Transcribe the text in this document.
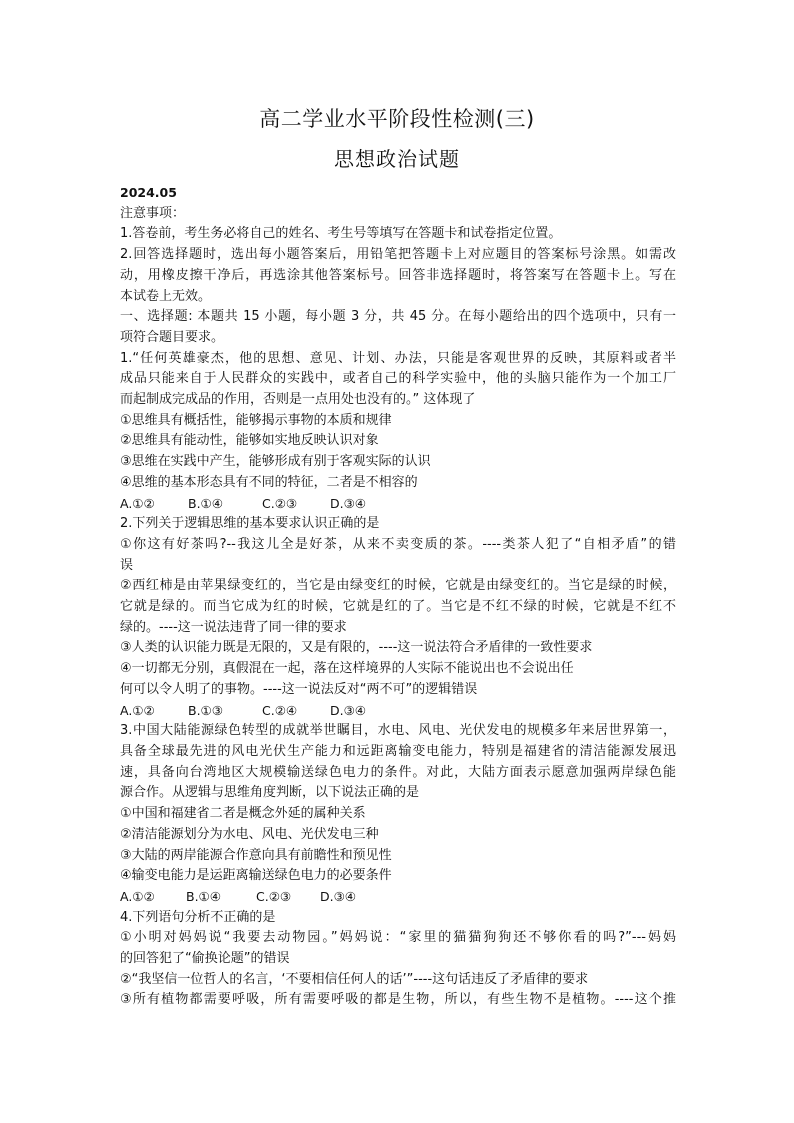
高二学业水平阶段性检测(三)
思想政治试题
2024.05
注意事项：
1.答卷前，考生务必将自己的姓名、考生号等填写在答题卡和试卷指定位置。
2.回答选择题时，选出每小题答案后，用铅笔把答题卡上对应题目的答案标号涂黑。如需改
动，用橡皮擦干净后，再选涂其他答案标号。回答非选择题时，将答案写在答题卡上。写在
本试卷上无效。
一、选择题: 本题共 15 小题，每小题 3 分，共 45 分。在每小题给出的四个选项中，只有一
项符合题目要求。
1.“任何英雄豪杰，他的思想、意见、计划、办法，只能是客观世界的反映，其原料或者半
成品只能来自于人民群众的实践中，或者自己的科学实验中，他的头脑只能作为一个加工厂
而起制成完成品的作用，否则是一点用处也没有的。” 这体现了
①思维具有概括性，能够揭示事物的本质和规律
②思维具有能动性，能够如实地反映认识对象
③思维在实践中产生，能够形成有别于客观实际的认识
④思维的基本形态具有不同的特征，二者是不相容的
A.①②	B.①④	C.②③	D.③④
2.下列关于逻辑思维的基本要求认识正确的是
①你这有好茶吗?--我这儿全是好茶，从来不卖变质的茶。----类茶人犯了“自相矛盾”的错
误
②西红柿是由苹果绿变红的，当它是由绿变红的时候，它就是由绿变红的。当它是绿的时候，
它就是绿的。而当它成为红的时候，它就是红的了。当它是不红不绿的时候，它就是不红不
绿的。----这一说法违背了同一律的要求
③人类的认识能力既是无限的，又是有限的，----这一说法符合矛盾律的一致性要求
④一切都无分别，真假混在一起，落在这样境界的人实际不能说出也不会说出任
何可以令人明了的事物。----这一说法反对“两不可”的逻辑错误
A.①②	B.①③	C.②④	D.③④
3.中国大陆能源绿色转型的成就举世瞩目，水电、风电、光伏发电的规模多年来居世界第一，
具备全球最先进的风电光伏生产能力和远距离输变电能力，特别是福建省的清洁能源发展迅
速，具备向台湾地区大规模输送绿色电力的条件。对此，大陆方面表示愿意加强两岸绿色能
源合作。从逻辑与思维角度判断，以下说法正确的是
①中国和福建省二者是概念外延的属种关系
②清洁能源划分为水电、风电、光伏发电三种
③大陆的两岸能源合作意向具有前瞻性和预见性
④输变电能力是运距离输送绿色电力的必要条件
A.①②	B.①④	C.②③ D.③④
4.下列语句分析不正确的是
①小明对妈妈说“我要去动物园。”妈妈说：“家里的猫猫狗狗还不够你看的吗?”---妈妈
的回答犯了“偷换论题”的错误
②“我坚信一位哲人的名言，‘不要相信任何人的话’”----这句话违反了矛盾律的要求
③所有植物都需要呼吸，所有需要呼吸的都是生物，所以，有些生物不是植物。----这个推
